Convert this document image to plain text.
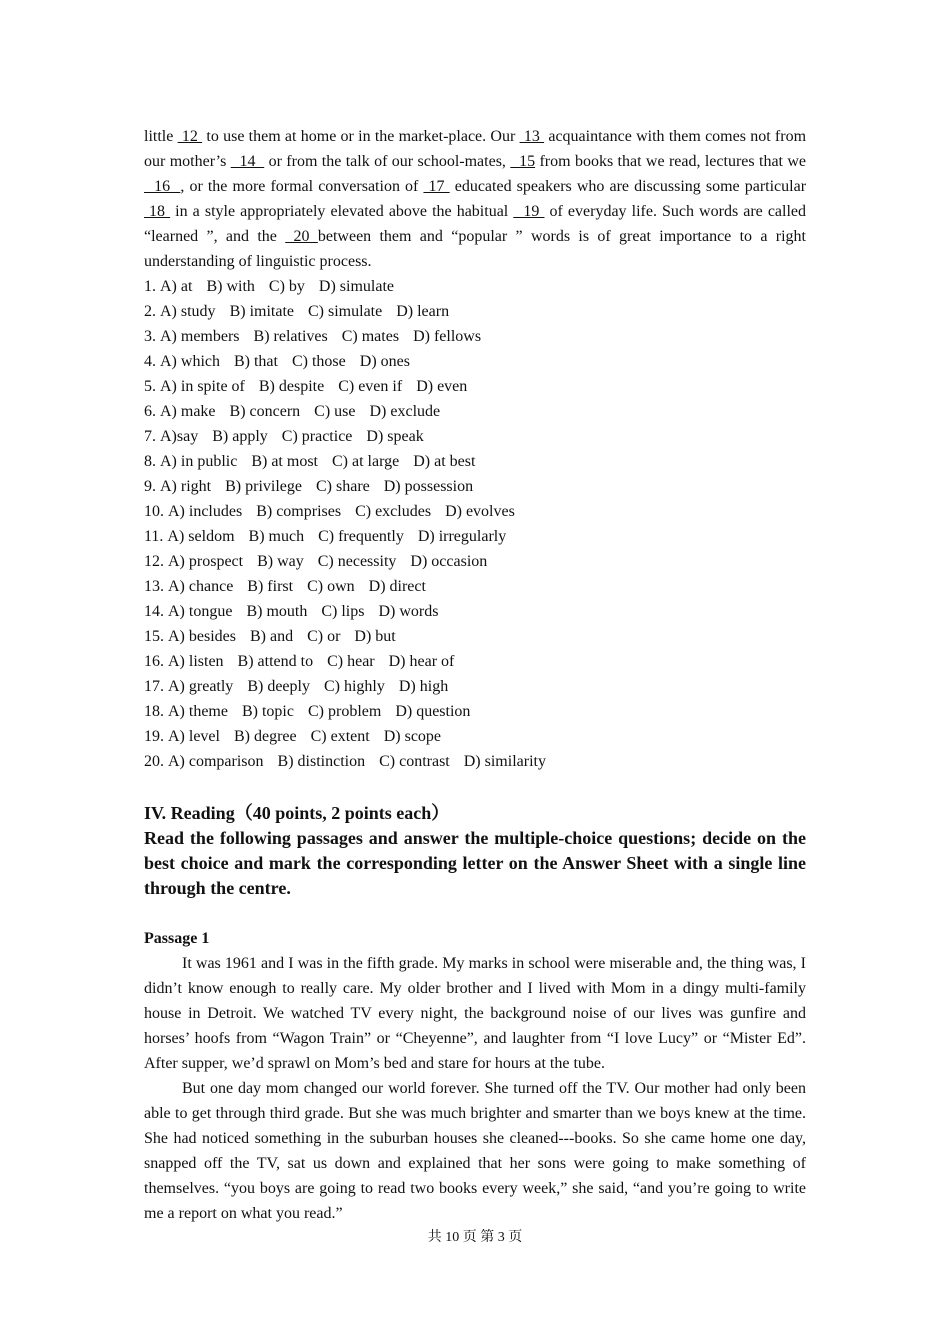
little  12  to use them at home or in the market-place. Our  13  acquaintance with them comes not from our mother’s   14   or from the talk of our school-mates,   15 from books that we read, lectures that we   16  , or the more formal conversation of  17  educated speakers who are discussing some particular  18  in a style appropriately elevated above the habitual   19  of everyday life. Such words are called “learned ”, and the  20 between them and “popular ” words is of great importance to a right understanding of linguistic process.

1. A) at B) with C) by D) simulate
2. A) study B) imitate C) simulate D) learn
3. A) members B) relatives C) mates D) fellows
4. A) which B) that C) those D) ones
5. A) in spite of B) despite C) even if D) even
6. A) make B) concern C) use D) exclude
7. A)say B) apply C) practice D) speak
8. A) in public B) at most C) at large D) at best
9. A) right B) privilege C) share D) possession
10. A) includes B) comprises C) excludes D) evolves
11. A) seldom B) much C) frequently D) irregularly
12. A) prospect B) way C) necessity D) occasion
13. A) chance B) first C) own D) direct
14. A) tongue B) mouth C) lips D) words
15. A) besides B) and C) or D) but
16. A) listen B) attend to C) hear D) hear of
17. A) greatly B) deeply C) highly D) high
18. A) theme B) topic C) problem D) question
19. A) level B) degree C) extent D) scope
20. A) comparison B) distinction C) contrast D) similarity

IV. Reading（40 points, 2 points each）

Read the following passages and answer the multiple-choice questions; decide on the best choice and mark the corresponding letter on the Answer Sheet with a single line through the centre.

Passage 1

It was 1961 and I was in the fifth grade. My marks in school were miserable and, the thing was, I didn’t know enough to really care. My older brother and I lived with Mom in a dingy multi-family house in Detroit. We watched TV every night, the background noise of our lives was gunfire and horses’ hoofs from “Wagon Train” or “Cheyenne”, and laughter from “I love Lucy” or “Mister Ed”. After supper, we’d sprawl on Mom’s bed and stare for hours at the tube.

But one day mom changed our world forever. She turned off the TV. Our mother had only been able to get through third grade. But she was much brighter and smarter than we boys knew at the time. She had noticed something in the suburban houses she cleaned---books. So she came home one day, snapped off the TV, sat us down and explained that her sons were going to make something of themselves. “you boys are going to read two books every week,” she said, “and you’re going to write me a report on what you read.”

共 10 页 第 3 页
